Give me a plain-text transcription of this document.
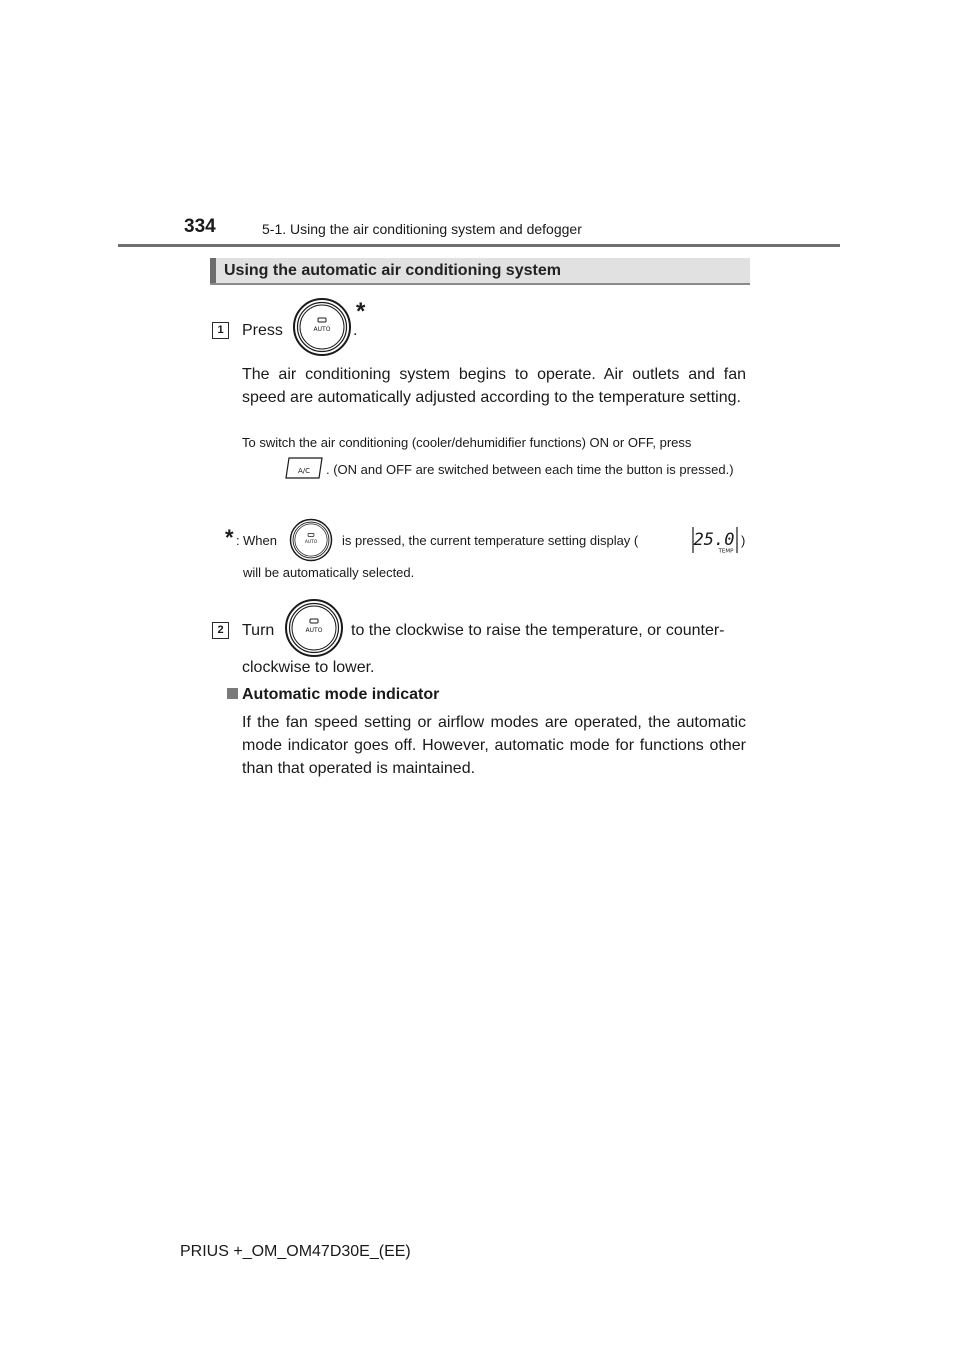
334	5-1. Using the air conditioning system and defogger
Using the automatic air conditioning system
1	Press	AUTO
*
.
The air conditioning system begins to operate. Air outlets and fan speed are automatically adjusted according to the temperature setting.
To switch the air conditioning (cooler/dehumidifier functions) ON or OFF, press
A/C . (ON and OFF are switched between each time the button is pressed.)
* : When	AUTO is pressed, the current temperature setting display (	25.0
TEMP
)
will be automatically selected.
2	Turn	AUTO to the clockwise to raise the temperature, or counter-
clockwise to lower.
Automatic mode indicator
If the fan speed setting or airflow modes are operated, the automatic mode indicator goes off. However, automatic mode for functions other than that operated is maintained.
PRIUS +_OM_OM47D30E_(EE)
